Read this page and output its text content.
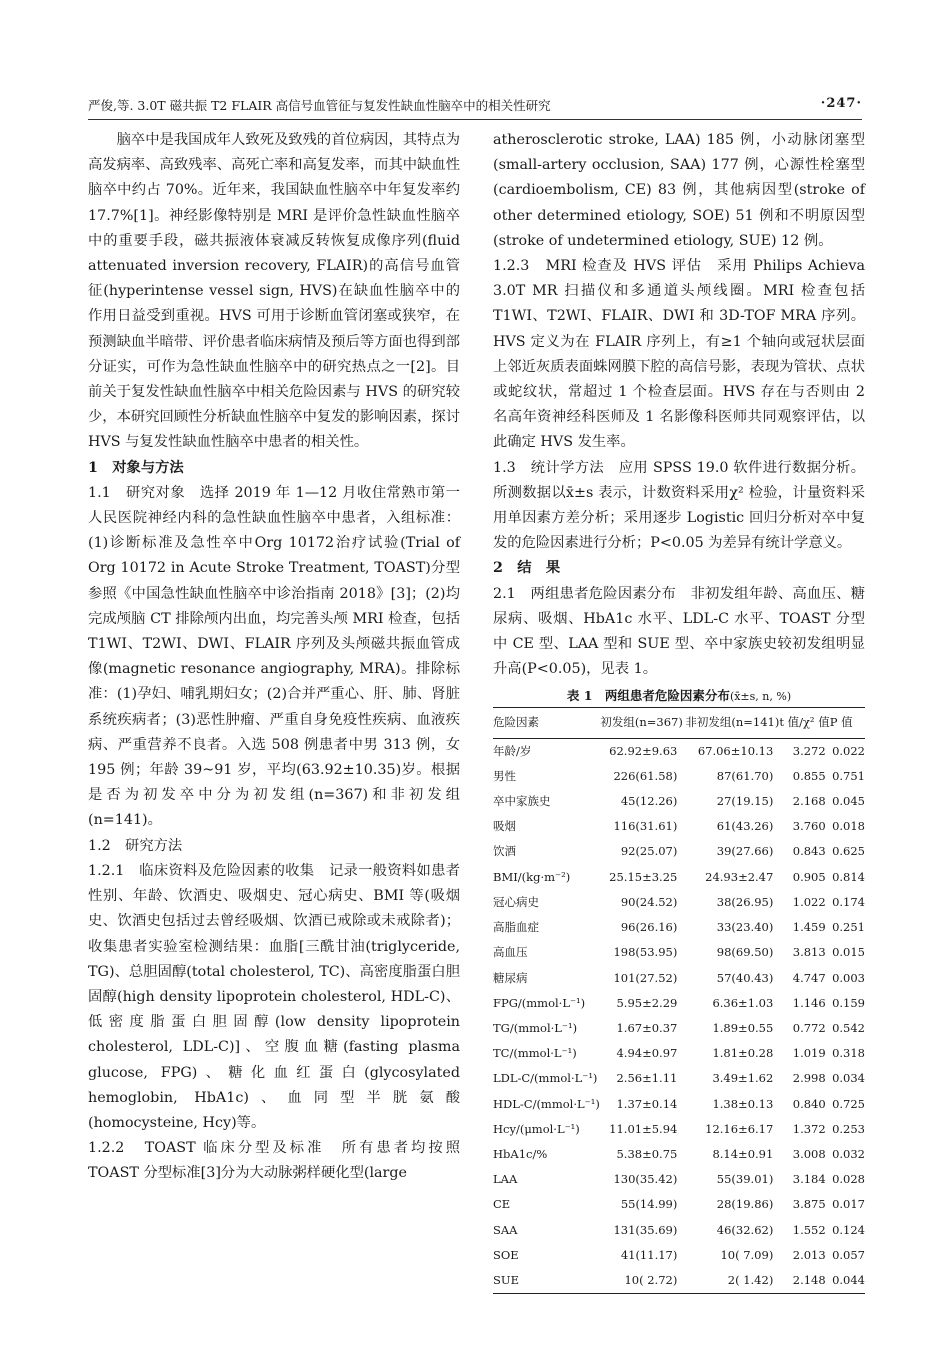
严俊,等. 3.0T 磁共振 T2 FLAIR 高信号血管征与复发性缺血性脑卒中的相关性研究	·247·

脑卒中是我国成年人致死及致残的首位病因，其特点为高发病率、高致残率、高死亡率和高复发率，而其中缺血性脑卒中约占 70%。近年来，我国缺血性脑卒中年复发率约 17.7%[1]。神经影像特别是 MRI 是评价急性缺血性脑卒中的重要手段，磁共振液体衰减反转恢复成像序列(fluid attenuated inversion recovery, FLAIR)的高信号血管征(hyperintense vessel sign, HVS)在缺血性脑卒中的作用日益受到重视。HVS 可用于诊断血管闭塞或狭窄，在预测缺血半暗带、评价患者临床病情及预后等方面也得到部分证实，可作为急性缺血性脑卒中的研究热点之一[2]。目前关于复发性缺血性脑卒中相关危险因素与 HVS 的研究较少，本研究回顾性分析缺血性脑卒中复发的影响因素，探讨 HVS 与复发性缺血性脑卒中患者的相关性。

1　对象与方法

1.1　研究对象　选择 2019 年 1—12 月收住常熟市第一人民医院神经内科的急性缺血性脑卒中患者，入组标准：(1)诊断标准及急性卒中Org 10172治疗试验(Trial of Org 10172 in Acute Stroke Treatment, TOAST)分型参照《中国急性缺血性脑卒中诊治指南 2018》[3]；(2)均完成颅脑 CT 排除颅内出血，均完善头颅 MRI 检查，包括 T1WI、T2WI、DWI、FLAIR 序列及头颅磁共振血管成像(magnetic resonance angiography, MRA)。排除标准：(1)孕妇、哺乳期妇女；(2)合并严重心、肝、肺、肾脏系统疾病者；(3)恶性肿瘤、严重自身免疫性疾病、血液疾病、严重营养不良者。入选 508 例患者中男 313 例，女 195 例；年龄 39~91 岁，平均(63.92±10.35)岁。根据是否为初发卒中分为初发组(n=367)和非初发组(n=141)。

1.2　研究方法

1.2.1　临床资料及危险因素的收集　记录一般资料如患者性别、年龄、饮酒史、吸烟史、冠心病史、BMI 等(吸烟史、饮酒史包括过去曾经吸烟、饮酒已戒除或未戒除者)；收集患者实验室检测结果：血脂[三酰甘油(triglyceride, TG)、总胆固醇(total cholesterol, TC)、高密度脂蛋白胆固醇(high density lipoprotein cholesterol, HDL-C)、低密度脂蛋白胆固醇(low density lipoprotein cholesterol, LDL-C)]、空腹血糖(fasting plasma glucose, FPG)、糖化血红蛋白(glycosylated hemoglobin, HbA1c)、血同型半胱氨酸(homocysteine, Hcy)等。

1.2.2　TOAST 临床分型及标准　所有患者均按照 TOAST 分型标准[3]分为大动脉粥样硬化型(large

atherosclerotic stroke, LAA) 185 例，小动脉闭塞型(small-artery occlusion, SAA) 177 例，心源性栓塞型(cardioembolism, CE) 83 例，其他病因型(stroke of other determined etiology, SOE) 51 例和不明原因型(stroke of undetermined etiology, SUE) 12 例。

1.2.3　MRI 检查及 HVS 评估　采用 Philips Achieva 3.0T MR 扫描仪和多通道头颅线圈。MRI 检查包括 T1WI、T2WI、FLAIR、DWI 和 3D-TOF MRA 序列。HVS 定义为在 FLAIR 序列上，有≥1 个轴向或冠状层面上邻近灰质表面蛛网膜下腔的高信号影，表现为管状、点状或蛇纹状，常超过 1 个检查层面。HVS 存在与否则由 2 名高年资神经科医师及 1 名影像科医师共同观察评估，以此确定 HVS 发生率。

1.3　统计学方法　应用 SPSS 19.0 软件进行数据分析。所测数据以x̄±s 表示，计数资料采用χ² 检验，计量资料采用单因素方差分析；采用逐步 Logistic 回归分析对卒中复发的危险因素进行分析；P<0.05 为差异有统计学意义。

2　结　果

2.1　两组患者危险因素分布　非初发组年龄、高血压、糖尿病、吸烟、HbA1c 水平、LDL-C 水平、TOAST 分型中 CE 型、LAA 型和 SUE 型、卒中家族史较初发组明显升高(P<0.05)，见表 1。

表 1　两组患者危险因素分布(x̄±s, n, %)
危险因素	初发组(n=367)	非初发组(n=141)	t 值/χ² 值	P 值
年龄/岁	62.92±9.63	67.06±10.13	3.272	0.022
男性	226(61.58)	87(61.70)	0.855	0.751
卒中家族史	45(12.26)	27(19.15)	2.168	0.045
吸烟	116(31.61)	61(43.26)	3.760	0.018
饮酒	92(25.07)	39(27.66)	0.843	0.625
BMI/(kg·m⁻²)	25.15±3.25	24.93±2.47	0.905	0.814
冠心病史	90(24.52)	38(26.95)	1.022	0.174
高脂血症	96(26.16)	33(23.40)	1.459	0.251
高血压	198(53.95)	98(69.50)	3.813	0.015
糖尿病	101(27.52)	57(40.43)	4.747	0.003
FPG/(mmol·L⁻¹)	5.95±2.29	6.36±1.03	1.146	0.159
TG/(mmol·L⁻¹)	1.67±0.37	1.89±0.55	0.772	0.542
TC/(mmol·L⁻¹)	4.94±0.97	1.81±0.28	1.019	0.318
LDL-C/(mmol·L⁻¹)	2.56±1.11	3.49±1.62	2.998	0.034
HDL-C/(mmol·L⁻¹)	1.37±0.14	1.38±0.13	0.840	0.725
Hcy/(μmol·L⁻¹)	11.01±5.94	12.16±6.17	1.372	0.253
HbA1c/%	5.38±0.75	8.14±0.91	3.008	0.032
LAA	130(35.42)	55(39.01)	3.184	0.028
CE	55(14.99)	28(19.86)	3.875	0.017
SAA	131(35.69)	46(32.62)	1.552	0.124
SOE	41(11.17)	10( 7.09)	2.013	0.057
SUE	10( 2.72)	2( 1.42)	2.148	0.044
